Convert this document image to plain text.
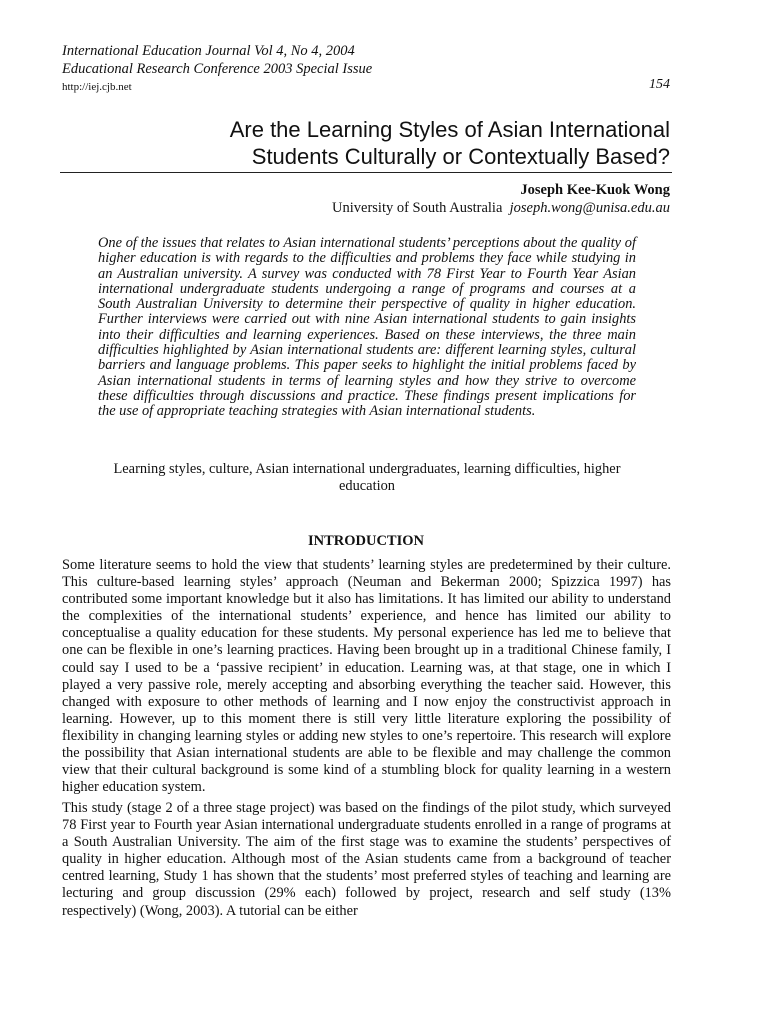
International Education Journal Vol 4, No 4, 2004
Educational Research Conference 2003 Special Issue
http://iej.cjb.net	154
Are the Learning Styles of Asian International
Students Culturally or Contextually Based?
Joseph Kee-Kuok Wong
University of South Australia joseph.wong@unisa.edu.au

One of the issues that relates to Asian international students’ perceptions about the quality of higher education is with regards to the difficulties and problems they face while studying in an Australian university. A survey was conducted with 78 First Year to Fourth Year Asian international undergraduate students undergoing a range of programs and courses at a South Australian University to determine their perspective of quality in higher education. Further interviews were carried out with nine Asian international students to gain insights into their difficulties and learning experiences. Based on these interviews, the three main difficulties highlighted by Asian international students are: different learning styles, cultural barriers and language problems. This paper seeks to highlight the initial problems faced by Asian international students in terms of learning styles and how they strive to overcome these difficulties through discussions and practice. These findings present implications for the use of appropriate teaching strategies with Asian international students.

Learning styles, culture, Asian international undergraduates, learning difficulties, higher education

INTRODUCTION

Some literature seems to hold the view that students’ learning styles are predetermined by their culture. This culture-based learning styles’ approach (Neuman and Bekerman 2000; Spizzica 1997) has contributed some important knowledge but it also has limitations. It has limited our ability to understand the complexities of the international students’ experience, and hence has limited our ability to conceptualise a quality education for these students. My personal experience has led me to believe that one can be flexible in one’s learning practices. Having been brought up in a traditional Chinese family, I could say I used to be a ‘passive recipient’ in education. Learning was, at that stage, one in which I played a very passive role, merely accepting and absorbing everything the teacher said. However, this changed with exposure to other methods of learning and I now enjoy the constructivist approach in learning. However, up to this moment there is still very little literature exploring the possibility of flexibility in changing learning styles or adding new styles to one’s repertoire. This research will explore the possibility that Asian international students are able to be flexible and may challenge the common view that their cultural background is some kind of a stumbling block for quality learning in a western higher education system.

This study (stage 2 of a three stage project) was based on the findings of the pilot study, which surveyed 78 First year to Fourth year Asian international undergraduate students enrolled in a range of programs at a South Australian University. The aim of the first stage was to examine the students’ perspectives of quality in higher education. Although most of the Asian students came from a background of teacher centred learning, Study 1 has shown that the students’ most preferred styles of teaching and learning are lecturing and group discussion (29% each) followed by project, research and self study (13% respectively) (Wong, 2003). A tutorial can be either
